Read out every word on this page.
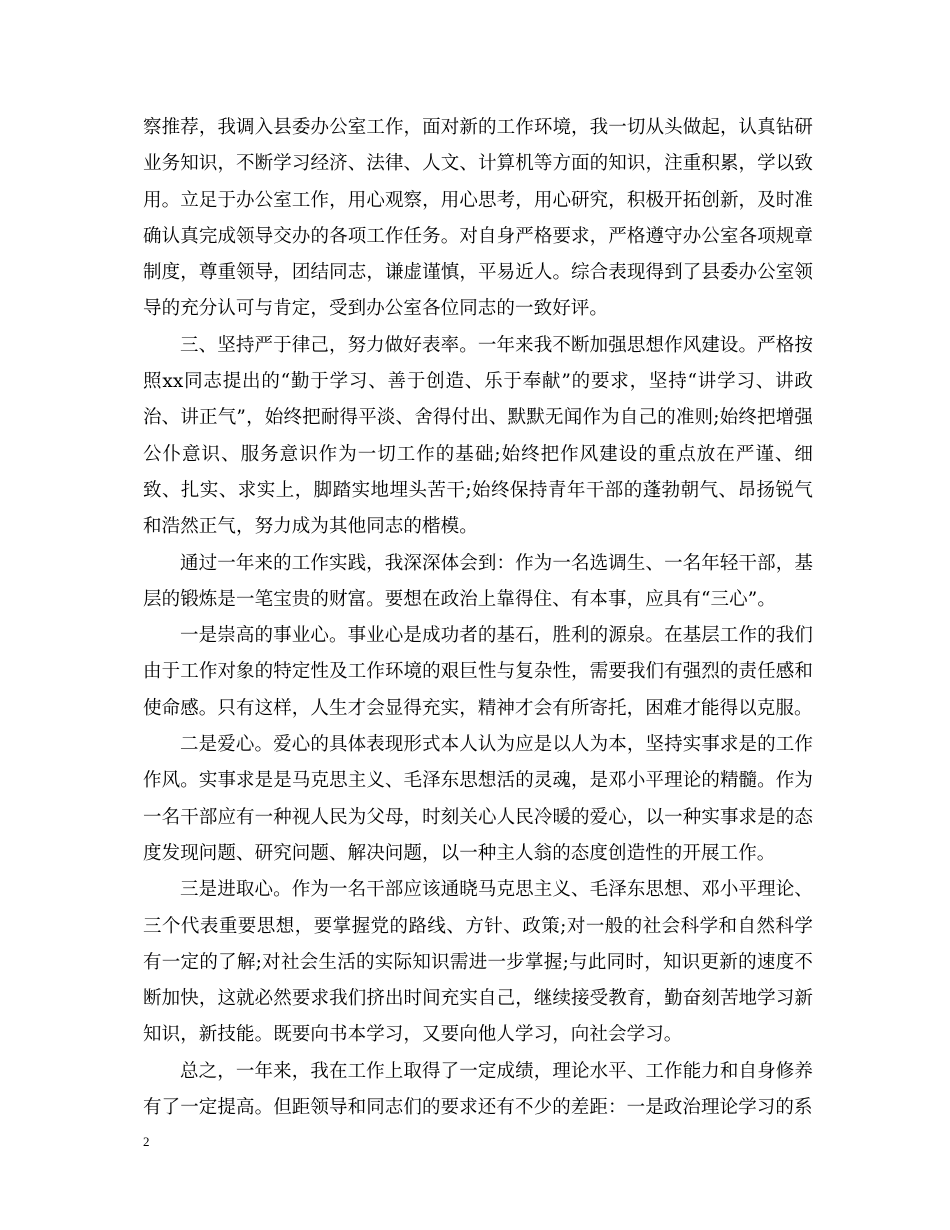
察推荐，我调入县委办公室工作，面对新的工作环境，我一切从头做起，认真钻研业务知识，不断学习经济、法律、人文、计算机等方面的知识，注重积累，学以致用。立足于办公室工作，用心观察，用心思考，用心研究，积极开拓创新，及时准确认真完成领导交办的各项工作任务。对自身严格要求，严格遵守办公室各项规章制度，尊重领导，团结同志，谦虚谨慎，平易近人。综合表现得到了县委办公室领导的充分认可与肯定，受到办公室各位同志的一致好评。

三、坚持严于律己，努力做好表率。一年来我不断加强思想作风建设。严格按照xx同志提出的“勤于学习、善于创造、乐于奉献”的要求，坚持“讲学习、讲政治、讲正气”，始终把耐得平淡、舍得付出、默默无闻作为自己的准则;始终把增强公仆意识、服务意识作为一切工作的基础;始终把作风建设的重点放在严谨、细致、扎实、求实上，脚踏实地埋头苦干;始终保持青年干部的蓬勃朝气、昂扬锐气和浩然正气，努力成为其他同志的楷模。

通过一年来的工作实践，我深深体会到：作为一名选调生、一名年轻干部，基层的锻炼是一笔宝贵的财富。要想在政治上靠得住、有本事，应具有“三心”。

一是崇高的事业心。事业心是成功者的基石，胜利的源泉。在基层工作的我们由于工作对象的特定性及工作环境的艰巨性与复杂性，需要我们有强烈的责任感和使命感。只有这样，人生才会显得充实，精神才会有所寄托，困难才能得以克服。

二是爱心。爱心的具体表现形式本人认为应是以人为本，坚持实事求是的工作作风。实事求是是马克思主义、毛泽东思想活的灵魂，是邓小平理论的精髓。作为一名干部应有一种视人民为父母，时刻关心人民冷暖的爱心，以一种实事求是的态度发现问题、研究问题、解决问题，以一种主人翁的态度创造性的开展工作。

三是进取心。作为一名干部应该通晓马克思主义、毛泽东思想、邓小平理论、三个代表重要思想，要掌握党的路线、方针、政策;对一般的社会科学和自然科学有一定的了解;对社会生活的实际知识需进一步掌握;与此同时，知识更新的速度不断加快，这就必然要求我们挤出时间充实自己，继续接受教育，勤奋刻苦地学习新知识，新技能。既要向书本学习，又要向他人学习，向社会学习。

总之，一年来，我在工作上取得了一定成绩，理论水平、工作能力和自身修养有了一定提高。但距领导和同志们的要求还有不少的差距：一是政治理论学习的系

2
